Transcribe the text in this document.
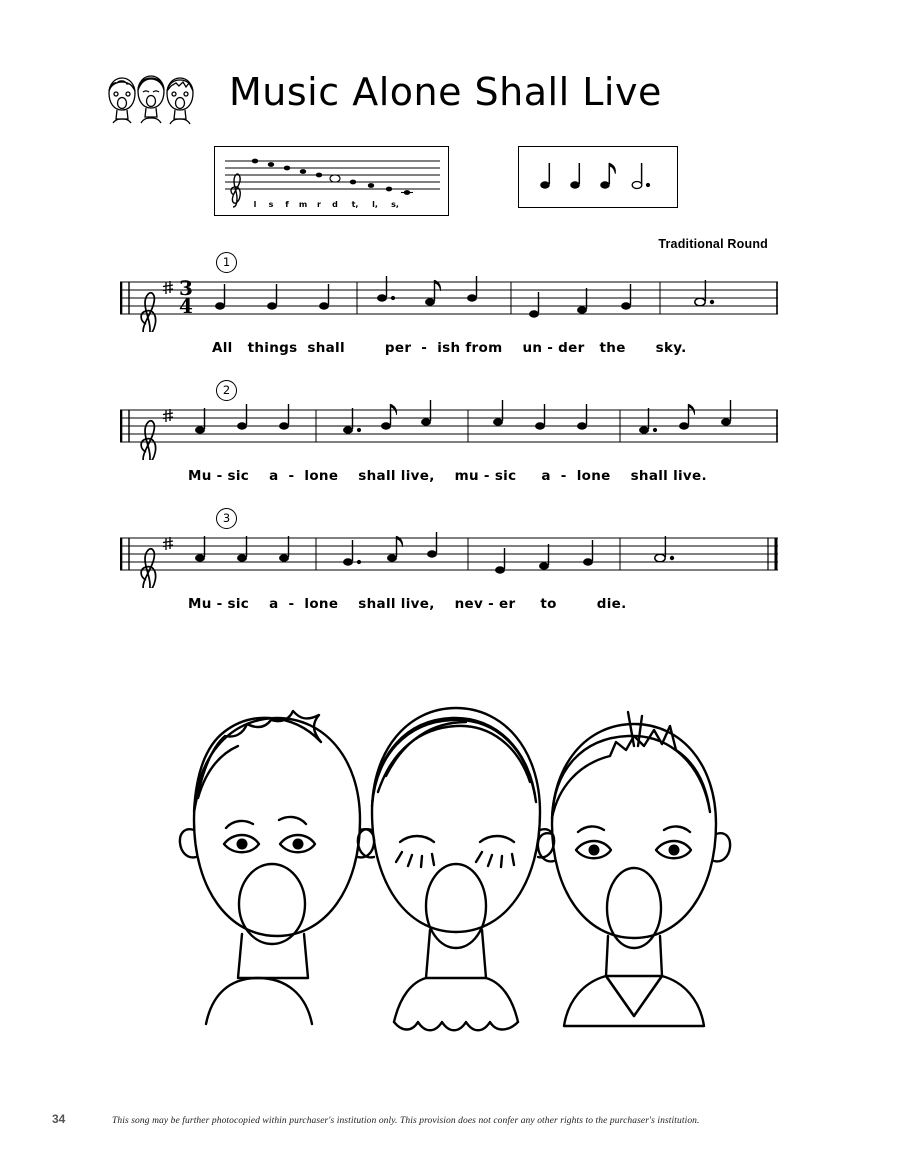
Music Alone Shall Live
l s f m r d t, l, s,
Traditional Round
1
3
4
All   things  shall        per  -  ish from    un - der   the      sky.
2
Mu - sic    a  -  lone    shall live,    mu - sic     a  -  lone    shall live.
3
Mu - sic    a  -  lone    shall live,    nev - er     to        die.
34	This song may be further photocopied within purchaser's institution only. This provision does not confer any other rights to the purchaser's institution.
